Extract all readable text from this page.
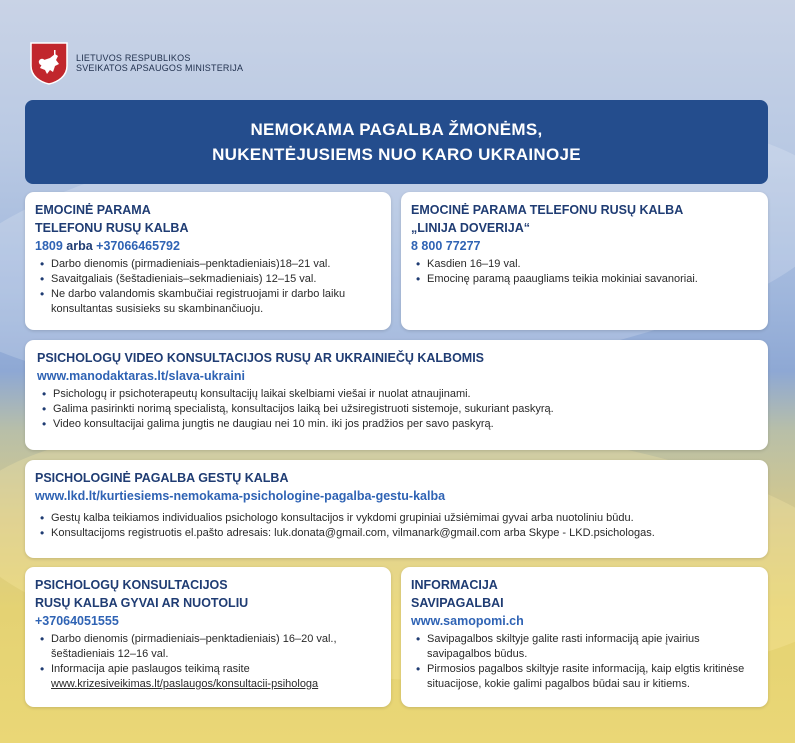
LIETUVOS RESPUBLIKOS
SVEIKATOS APSAUGOS MINISTERIJA
NEMOKAMA PAGALBA ŽMONĖMS,
NUKENTĖJUSIEMS NUO KARO UKRAINOJE
EMOCINĖ PARAMA
TELEFONU RUSŲ KALBA
1809 arba +37066465792
• Darbo dienomis (pirmadieniais–penktadieniais)18–21 val.
• Savaitgaliais (šeštadieniais–sekmadieniais) 12–15 val.
• Ne darbo valandomis skambučiai registruojami ir darbo laiku konsultantas susisieks su skambinančiuoju.
EMOCINĖ PARAMA TELEFONU RUSŲ KALBA
„LINIJA DOVERIJA“
8 800 77277
• Kasdien 16–19 val.
• Emocinę paramą paaugliams teikia mokiniai savanoriai.
PSICHOLOGŲ VIDEO KONSULTACIJOS RUSŲ AR UKRAINIEČŲ KALBOMIS
www.manodaktaras.lt/slava-ukraini
• Psichologų ir psichoterapeutų konsultacijų laikai skelbiami viešai ir nuolat atnaujinami.
• Galima pasirinkti norimą specialistą, konsultacijos laiką bei užsiregistruoti sistemoje, sukuriant paskyrą.
• Video konsultacijai galima jungtis ne daugiau nei 10 min. iki jos pradžios per savo paskyrą.
PSICHOLOGINĖ PAGALBA GESTŲ KALBA
www.lkd.lt/kurtiesiems-nemokama-psichologine-pagalba-gestu-kalba
• Gestų kalba teikiamos individualios psichologo konsultacijos ir vykdomi grupiniai užsiėmimai gyvai arba nuotoliniu būdu.
• Konsultacijoms registruotis el.pašto adresais: luk.donata@gmail.com, vilmanark@gmail.com arba Skype - LKD.psichologas.
PSICHOLOGŲ KONSULTACIJOS
RUSŲ KALBA GYVAI AR NUOTOLIU
+37064051555
• Darbo dienomis (pirmadieniais–penktadieniais) 16–20 val., šeštadieniais 12–16 val.
• Informacija apie paslaugos teikimą rasite
www.krizesiveikimas.lt/paslaugos/konsultacii-psihologa
INFORMACIJA
SAVIPAGALBAI
www.samopomi.ch
• Savipagalbos skiltyje galite rasti informaciją apie įvairius savipagalbos būdus.
• Pirmosios pagalbos skiltyje rasite informaciją, kaip elgtis kritinėse situacijose, kokie galimi pagalbos būdai sau ir kitiems.
